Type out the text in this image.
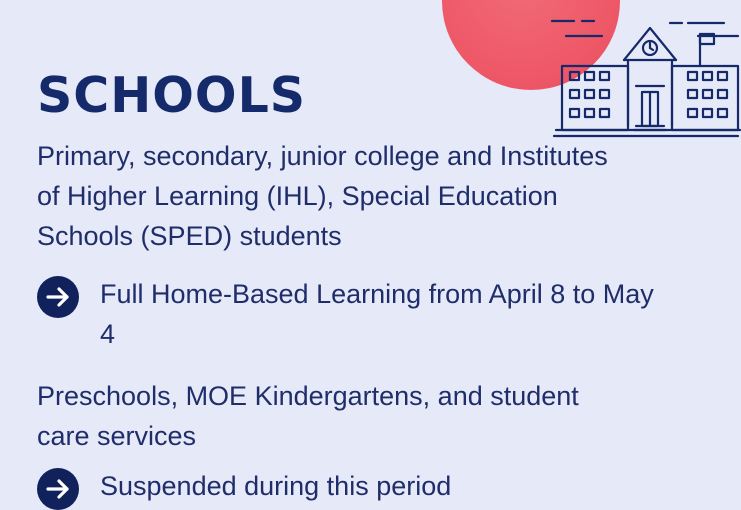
SCHOOLS
Primary, secondary, junior college and Institutes of Higher Learning (IHL), Special Education Schools (SPED) students
Full Home-Based Learning from April 8 to May 4
Preschools, MOE Kindergartens, and student care services
Suspended during this period
